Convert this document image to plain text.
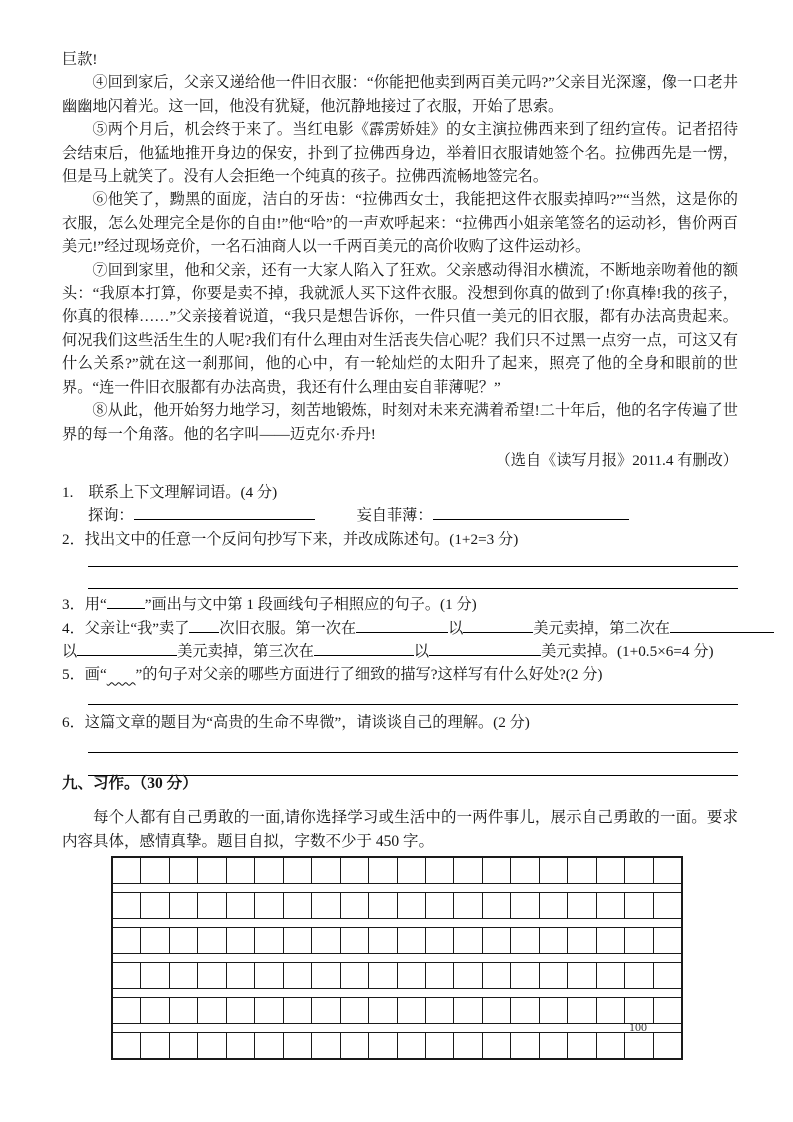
巨款!

④回到家后，父亲又递给他一件旧衣服：“你能把他卖到两百美元吗?”父亲目光深邃，像一口老井幽幽地闪着光。这一回，他没有犹疑，他沉静地接过了衣服，开始了思索。

⑤两个月后，机会终于来了。当红电影《霹雳娇娃》的女主演拉佛西来到了纽约宣传。记者招待会结束后，他猛地推开身边的保安，扑到了拉佛西身边，举着旧衣服请她签个名。拉佛西先是一愣，但是马上就笑了。没有人会拒绝一个纯真的孩子。拉佛西流畅地签完名。

⑥他笑了，黝黑的面庞，洁白的牙齿：“拉佛西女士，我能把这件衣服卖掉吗?”“当然，这是你的衣服，怎么处理完全是你的自由!”他“哈”的一声欢呼起来：“拉佛西小姐亲笔签名的运动衫，售价两百美元!”经过现场竞价，一名石油商人以一千两百美元的高价收购了这件运动衫。

⑦回到家里，他和父亲，还有一大家人陷入了狂欢。父亲感动得泪水横流，不断地亲吻着他的额头：“我原本打算，你要是卖不掉，我就派人买下这件衣服。没想到你真的做到了!你真棒!我的孩子，你真的很棒……”父亲接着说道，“我只是想告诉你，一件只值一美元的旧衣服，都有办法高贵起来。何况我们这些活生生的人呢?我们有什么理由对生活丧失信心呢？我们只不过黑一点穷一点，可这又有什么关系?”就在这一刹那间，他的心中，有一轮灿烂的太阳升了起来，照亮了他的全身和眼前的世界。“连一件旧衣服都有办法高贵，我还有什么理由妄自菲薄呢？”

⑧从此，他开始努力地学习，刻苦地锻炼，时刻对未来充满着希望!二十年后，他的名字传遍了世界的每一个角落。他的名字叫——迈克尔·乔丹!

（选自《读写月报》2011.4 有删改）

1.　联系上下文理解词语。(4 分)

探询：	妄自菲薄：

2．找出文中的任意一个反问句抄写下来，并改成陈述句。(1+2=3 分)

3．用“	”画出与文中第 1 段画线句子相照应的句子。(1 分)

4．父亲让“我”卖了 次旧衣服。第一次在	以	美元卖掉，第二次在

以	美元卖掉，第三次在	以	美元卖掉。(1+0.5×6=4 分)

5．画“ ”的句子对父亲的哪些方面进行了细致的描写?这样写有什么好处?(2 分)

6．这篇文章的题目为“高贵的生命不卑微”，请谈谈自己的理解。(2 分)

九、习作。（30 分）

每个人都有自己勇敢的一面,请你选择学习或生活中的一两件事儿，展示自己勇敢的一面。要求内容具体，感情真挚。题目自拟，字数不少于 450 字。

100
